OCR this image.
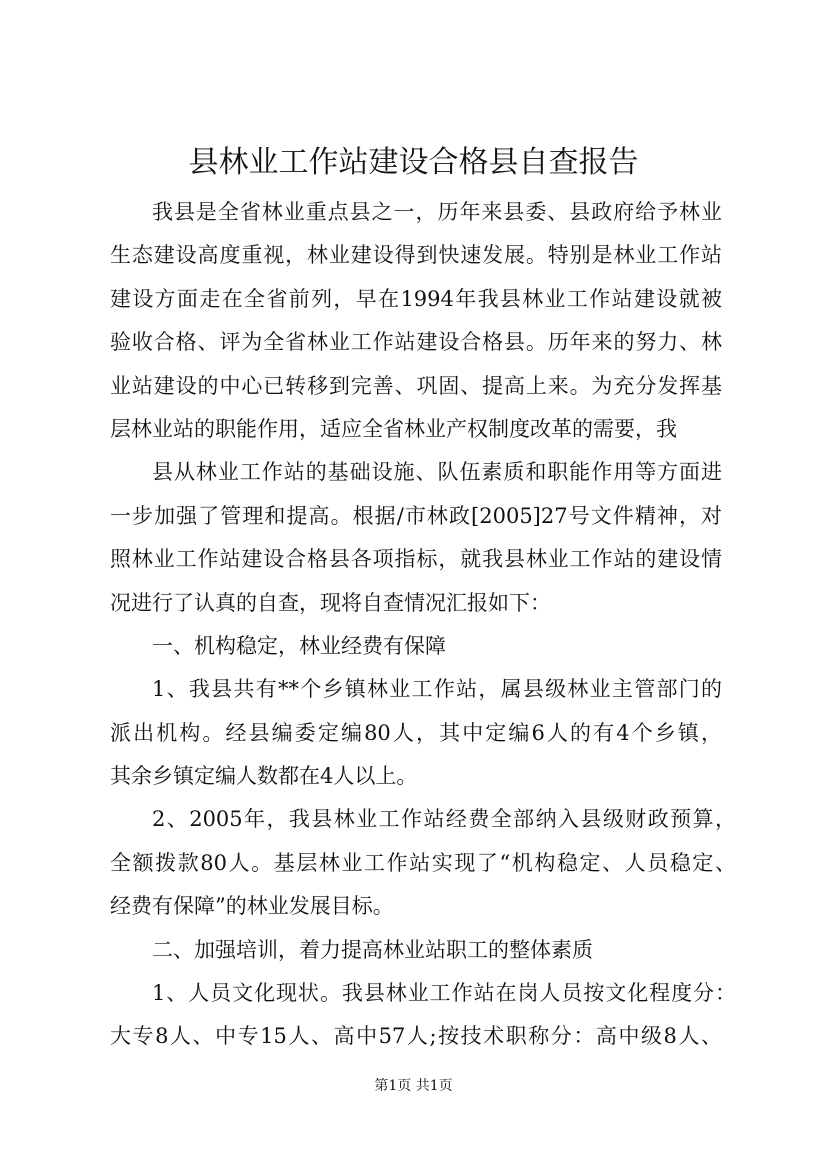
县林业工作站建设合格县自查报告
我县是全省林业重点县之一，历年来县委、县政府给予林业
生态建设高度重视，林业建设得到快速发展。特别是林业工作站
建设方面走在全省前列，早在1994年我县林业工作站建设就被
验收合格、评为全省林业工作站建设合格县。历年来的努力、林
业站建设的中心已转移到完善、巩固、提高上来。为充分发挥基
层林业站的职能作用，适应全省林业产权制度改革的需要，我
县从林业工作站的基础设施、队伍素质和职能作用等方面进
一步加强了管理和提高。根据/市林政[2005]27号文件精神，对
照林业工作站建设合格县各项指标，就我县林业工作站的建设情
况进行了认真的自查，现将自查情况汇报如下：
一、机构稳定，林业经费有保障
1、我县共有**个乡镇林业工作站，属县级林业主管部门的
派出机构。经县编委定编80人，其中定编6人的有4个乡镇，
其余乡镇定编人数都在4人以上。
2、2005年，我县林业工作站经费全部纳入县级财政预算，
全额拨款80人。基层林业工作站实现了“机构稳定、人员稳定、
经费有保障”的林业发展目标。
二、加强培训，着力提高林业站职工的整体素质
1、人员文化现状。我县林业工作站在岗人员按文化程度分：
大专8人、中专15人、高中57人;按技术职称分：高中级8人、
第1页 共1页
